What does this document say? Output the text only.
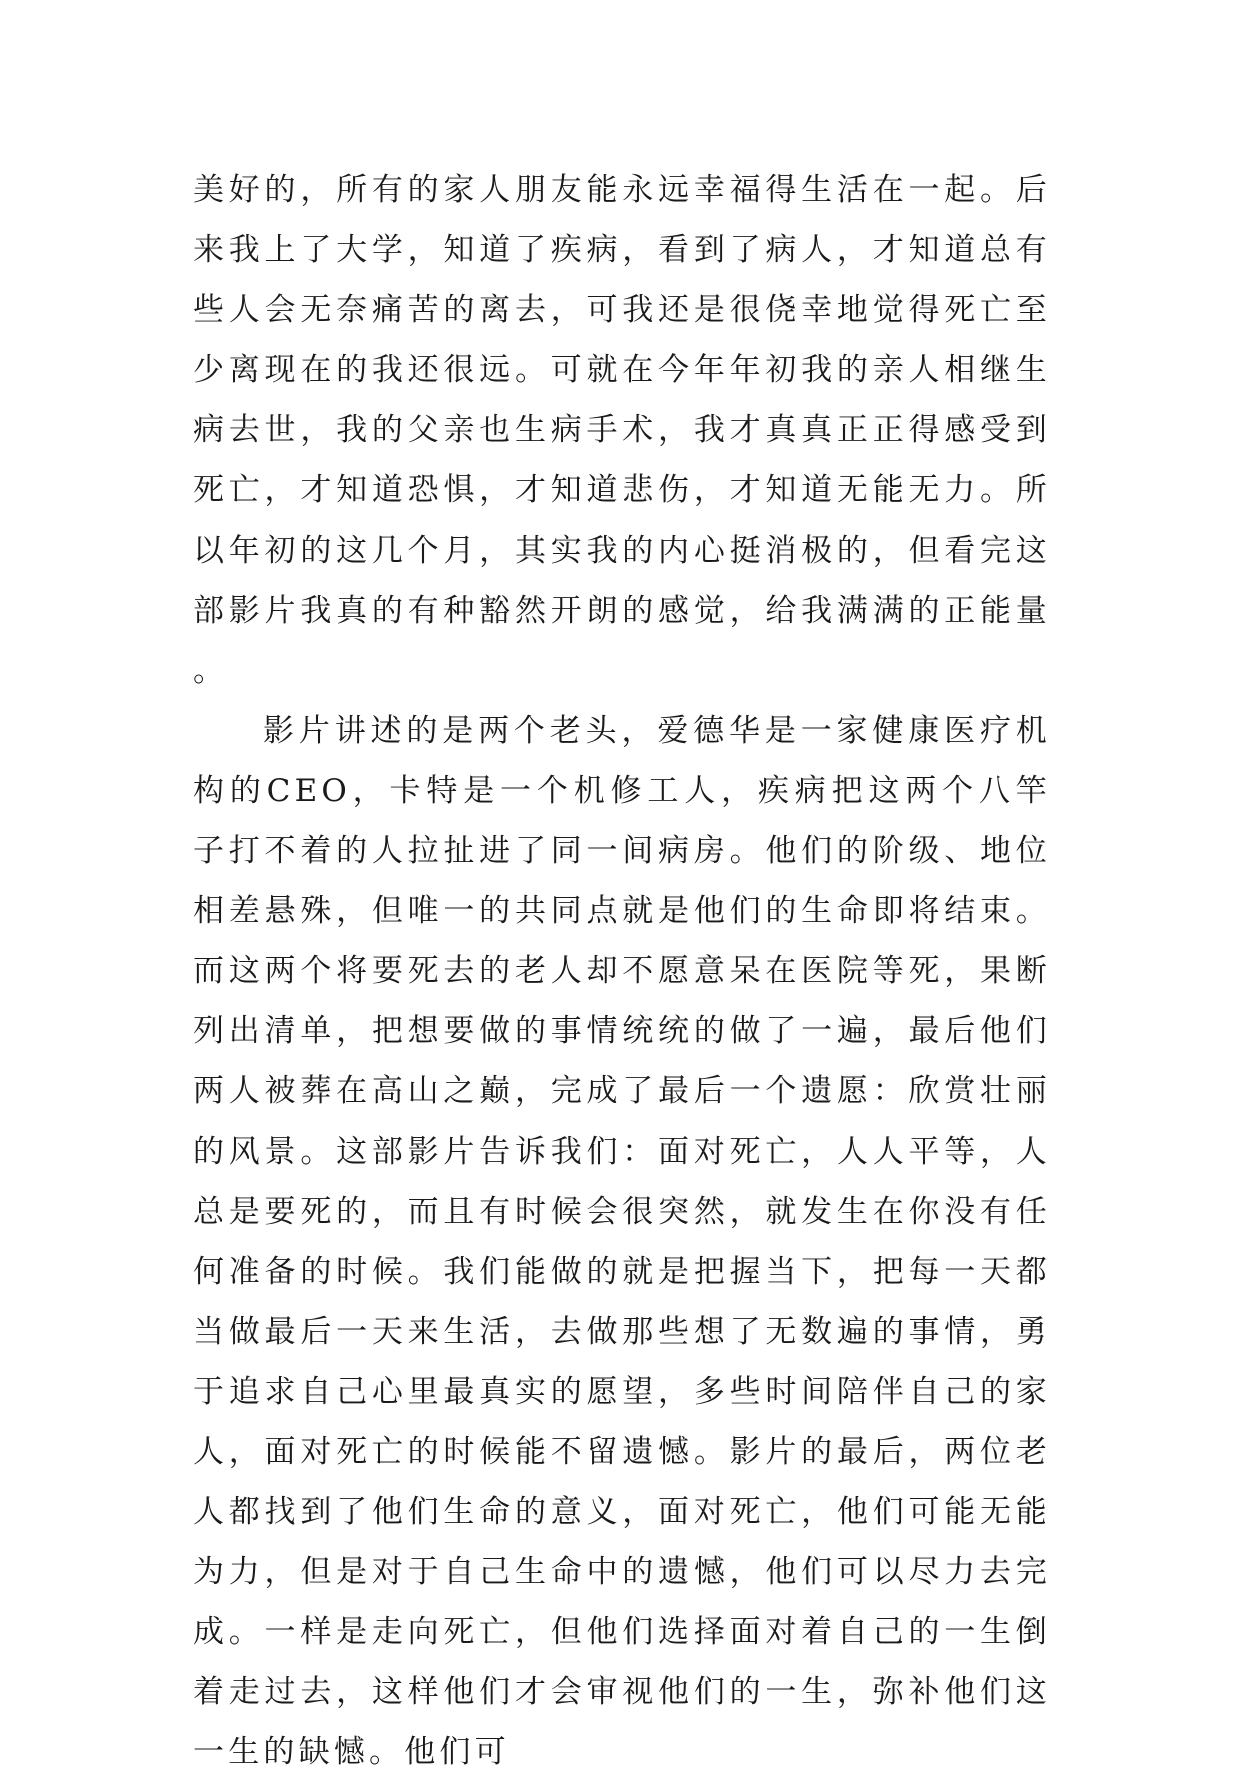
美好的，所有的家人朋友能永远幸福得生活在一起。后来我上了大学，知道了疾病，看到了病人，才知道总有些人会无奈痛苦的离去，可我还是很侥幸地觉得死亡至少离现在的我还很远。可就在今年年初我的亲人相继生病去世，我的父亲也生病手术，我才真真正正得感受到死亡，才知道恐惧，才知道悲伤，才知道无能无力。所以年初的这几个月，其实我的内心挺消极的，但看完这部影片我真的有种豁然开朗的感觉，给我满满的正能量。

影片讲述的是两个老头，爱德华是一家健康医疗机构的CEO，卡特是一个机修工人，疾病把这两个八竿子打不着的人拉扯进了同一间病房。他们的阶级、地位相差悬殊，但唯一的共同点就是他们的生命即将结束。而这两个将要死去的老人却不愿意呆在医院等死，果断列出清单，把想要做的事情统统的做了一遍，最后他们两人被葬在高山之巅，完成了最后一个遗愿：欣赏壮丽的风景。这部影片告诉我们：面对死亡，人人平等，人总是要死的，而且有时候会很突然，就发生在你没有任何准备的时候。我们能做的就是把握当下，把每一天都当做最后一天来生活，去做那些想了无数遍的事情，勇于追求自己心里最真实的愿望，多些时间陪伴自己的家人，面对死亡的时候能不留遗憾。影片的最后，两位老人都找到了他们生命的意义，面对死亡，他们可能无能为力，但是对于自己生命中的遗憾，他们可以尽力去完成。一样是走向死亡，但他们选择面对着自己的一生倒着走过去，这样他们才会审视他们的一生，弥补他们这一生的缺憾。他们可
